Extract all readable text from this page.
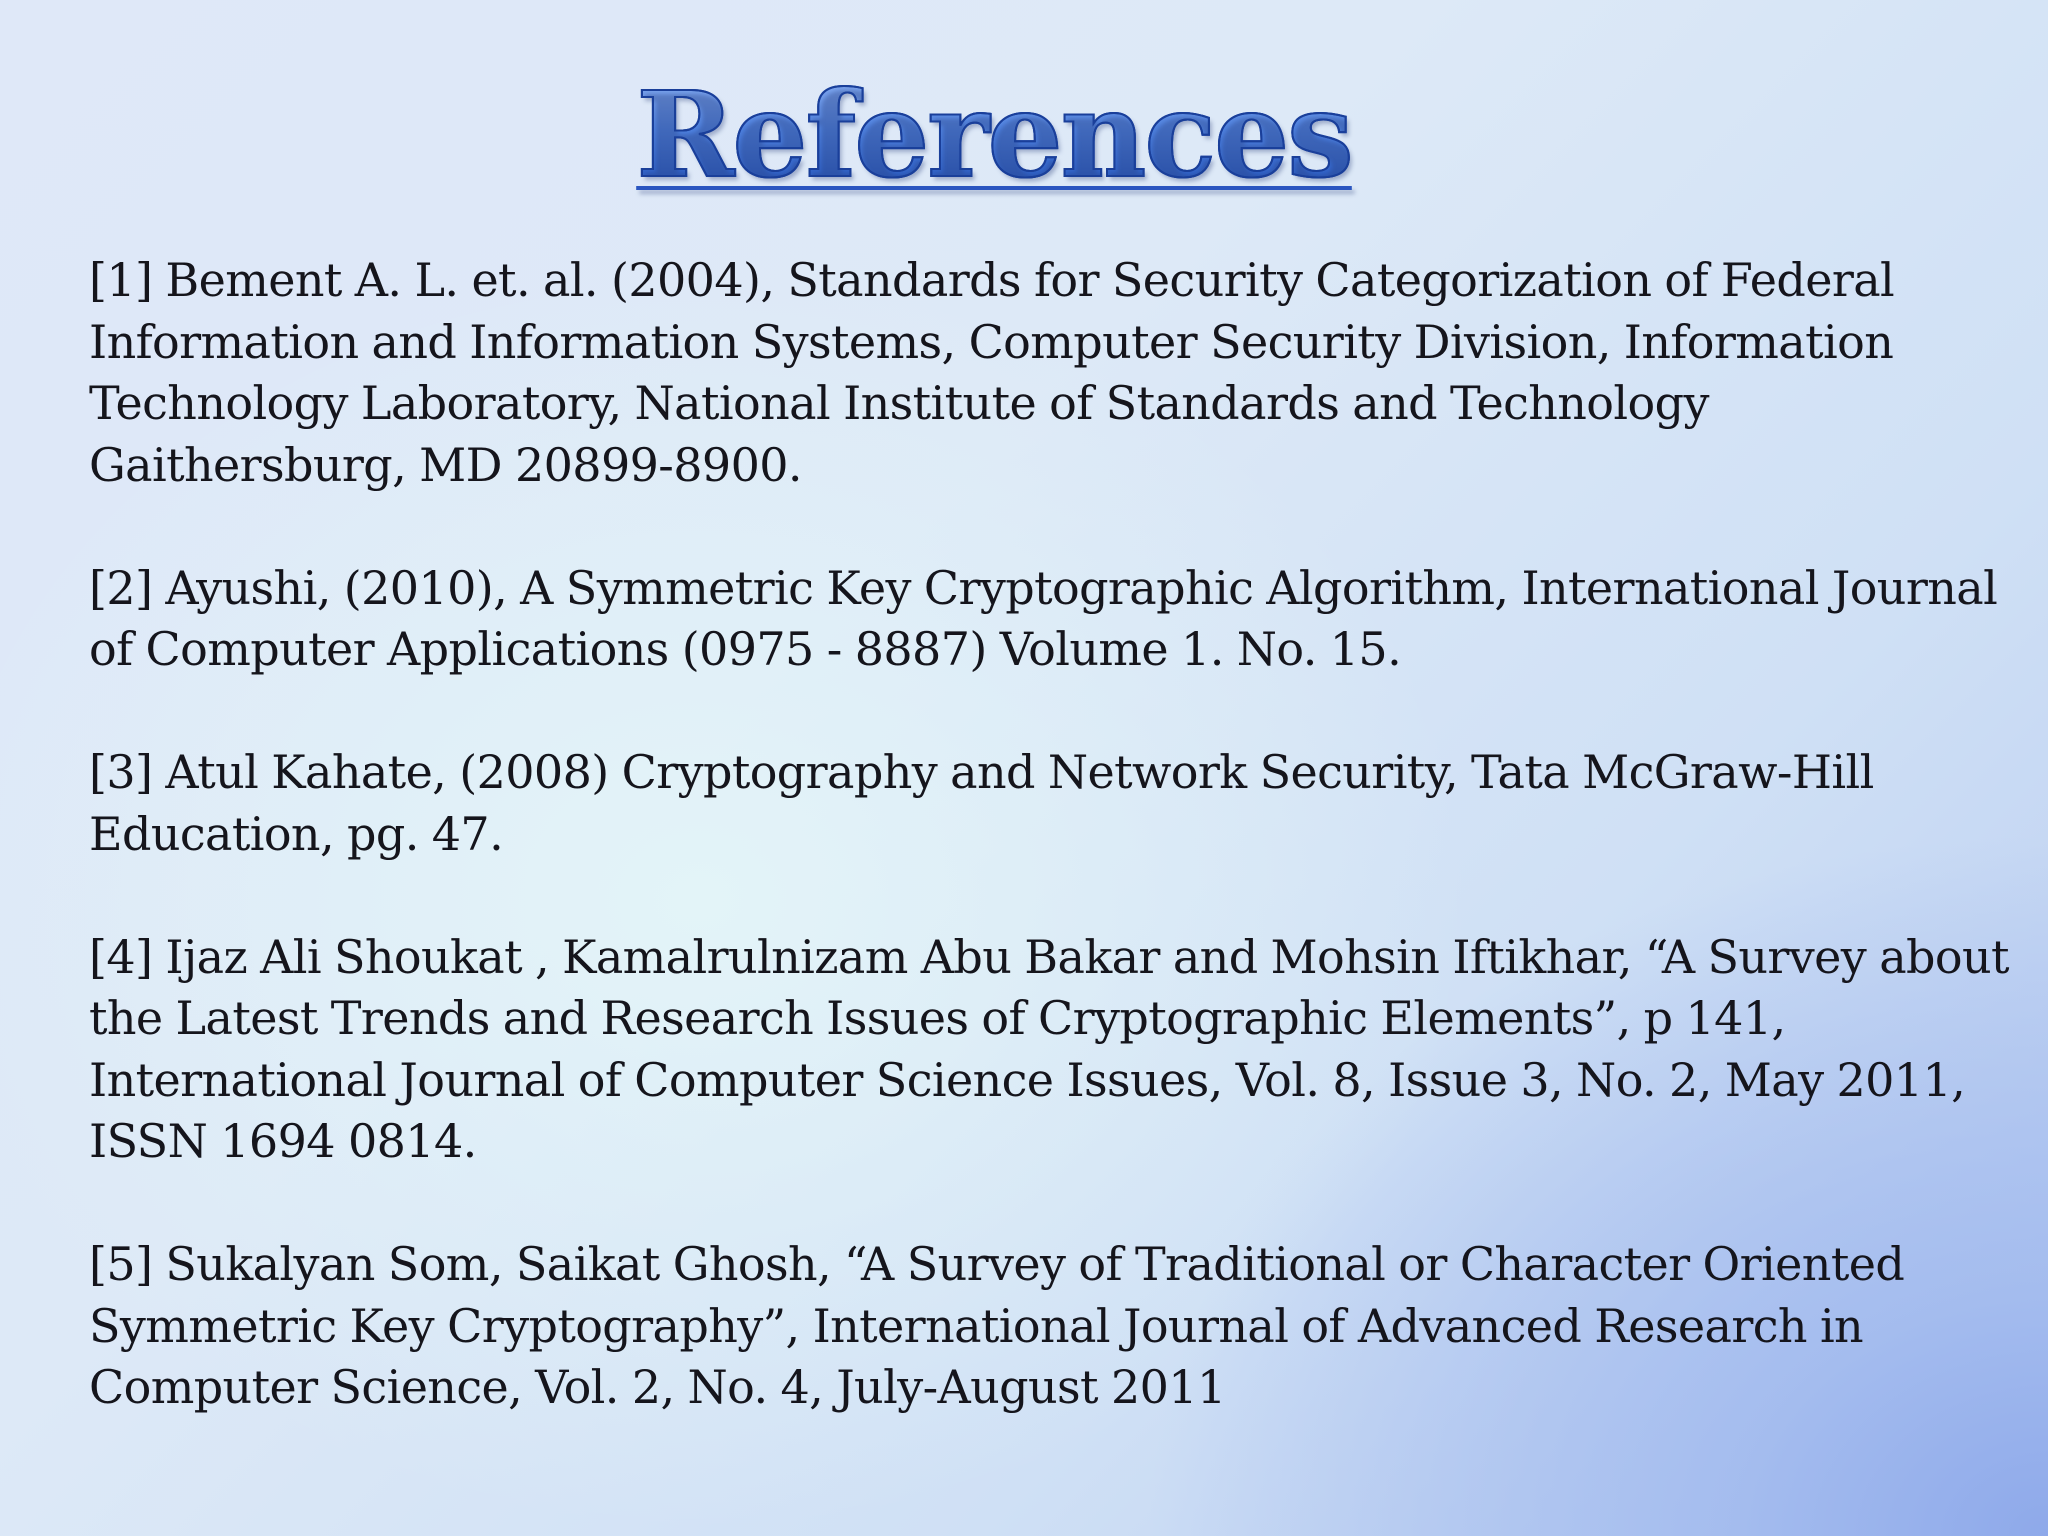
References
[1] Bement A. L. et. al. (2004), Standards for Security Categorization of Federal Information and Information Systems, Computer Security Division, Information Technology Laboratory, National Institute of Standards and Technology Gaithersburg, MD 20899-8900.
[2] Ayushi, (2010), A Symmetric Key Cryptographic Algorithm, International Journal of Computer Applications (0975 - 8887) Volume 1. No. 15.
[3] Atul Kahate, (2008) Cryptography and Network Security, Tata McGraw-Hill Education, pg. 47.
[4] Ijaz Ali Shoukat , Kamalrulnizam Abu Bakar and Mohsin Iftikhar, “A Survey about the Latest Trends and Research Issues of Cryptographic Elements”, p 141, International Journal of Computer Science Issues, Vol. 8, Issue 3, No. 2, May 2011, ISSN 1694 0814.
[5] Sukalyan Som, Saikat Ghosh, “A Survey of Traditional or Character Oriented Symmetric Key Cryptography”, International Journal of Advanced Research in Computer Science, Vol. 2, No. 4, July-August 2011
